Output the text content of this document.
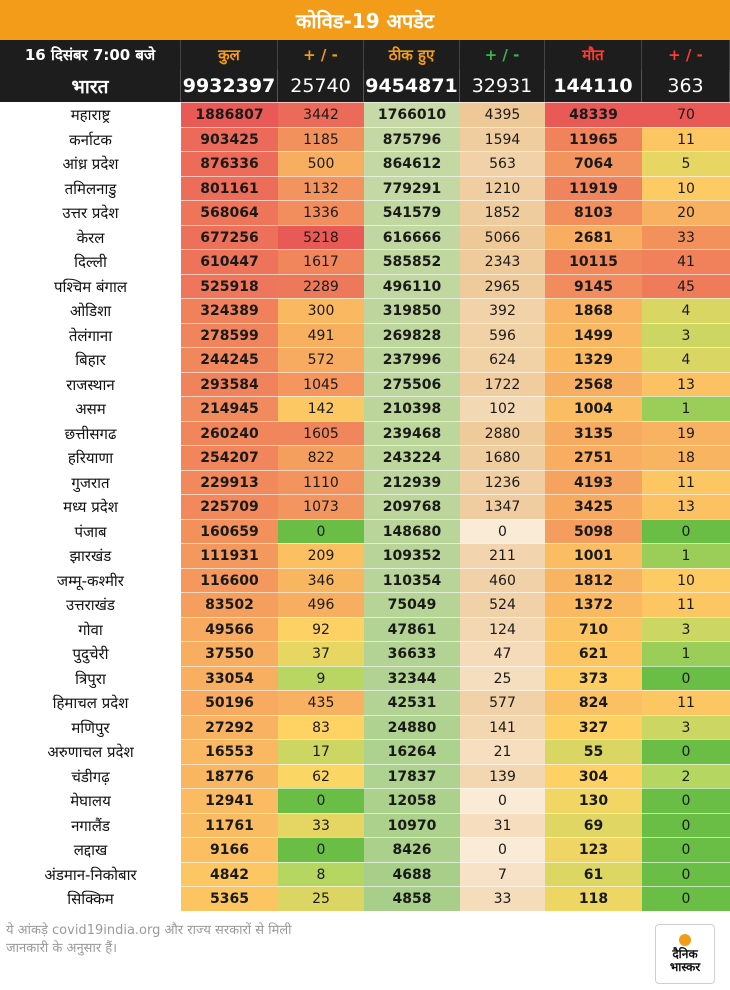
कोविड-19 अपडेट
16 दिसंबर 7:00 बजे	कुल	+ / -	ठीक हुए	+ / -	मौत	+ / -
भारत	9932397 25740 9454871 32931	144110	363
महाराष्ट्र	1886807	3442	1766010	4395	48339	70
कर्नाटक	903425	1185	875796	1594	11965	11
आंध्र प्रदेश	876336	500	864612	563	7064	5
तमिलनाडु	801161	1132	779291	1210	11919	10
उत्तर प्रदेश	568064	1336	541579	1852	8103	20
केरल	677256	5218	616666	5066	2681	33
दिल्ली	610447	1617	585852	2343	10115	41
पश्चिम बंगाल	525918	2289	496110	2965	9145	45
ओडिशा	324389	300	319850	392	1868	4
तेलंगाना	278599	491	269828	596	1499	3
बिहार	244245	572	237996	624	1329	4
राजस्थान	293584	1045	275506	1722	2568	13
असम	214945	142	210398	102	1004	1
छत्तीसगढ	260240	1605	239468	2880	3135	19
हरियाणा	254207	822	243224	1680	2751	18
गुजरात	229913	1110	212939	1236	4193	11
मध्य प्रदेश	225709	1073	209768	1347	3425	13
पंजाब	160659	0	148680	0	5098	0
झारखंड	111931	209	109352	211	1001	1
जम्मू-कश्मीर	116600	346	110354	460	1812	10
उत्तराखंड	83502	496	75049	524	1372	11
गोवा	49566	92	47861	124	710	3
पुदुचेरी	37550	37	36633	47	621	1
त्रिपुरा	33054	9	32344	25	373	0
हिमाचल प्रदेश	50196	435	42531	577	824	11
मणिपुर	27292	83	24880	141	327	3
अरुणाचल प्रदेश	16553	17	16264	21	55	0
चंडीगढ़	18776	62	17837	139	304	2
मेघालय	12941	0	12058	0	130	0
नगालैंड	11761	33	10970	31	69	0
लद्दाख	9166	0	8426	0	123	0
अंडमान-निकोबार	4842	8	4688	7	61	0
सिक्किम	5365	25	4858	33	118	0
ये आंकड़े covid19india.org और राज्य सरकारों से मिली जानकारी के अनुसार हैं।	दैनिक
भास्कर
